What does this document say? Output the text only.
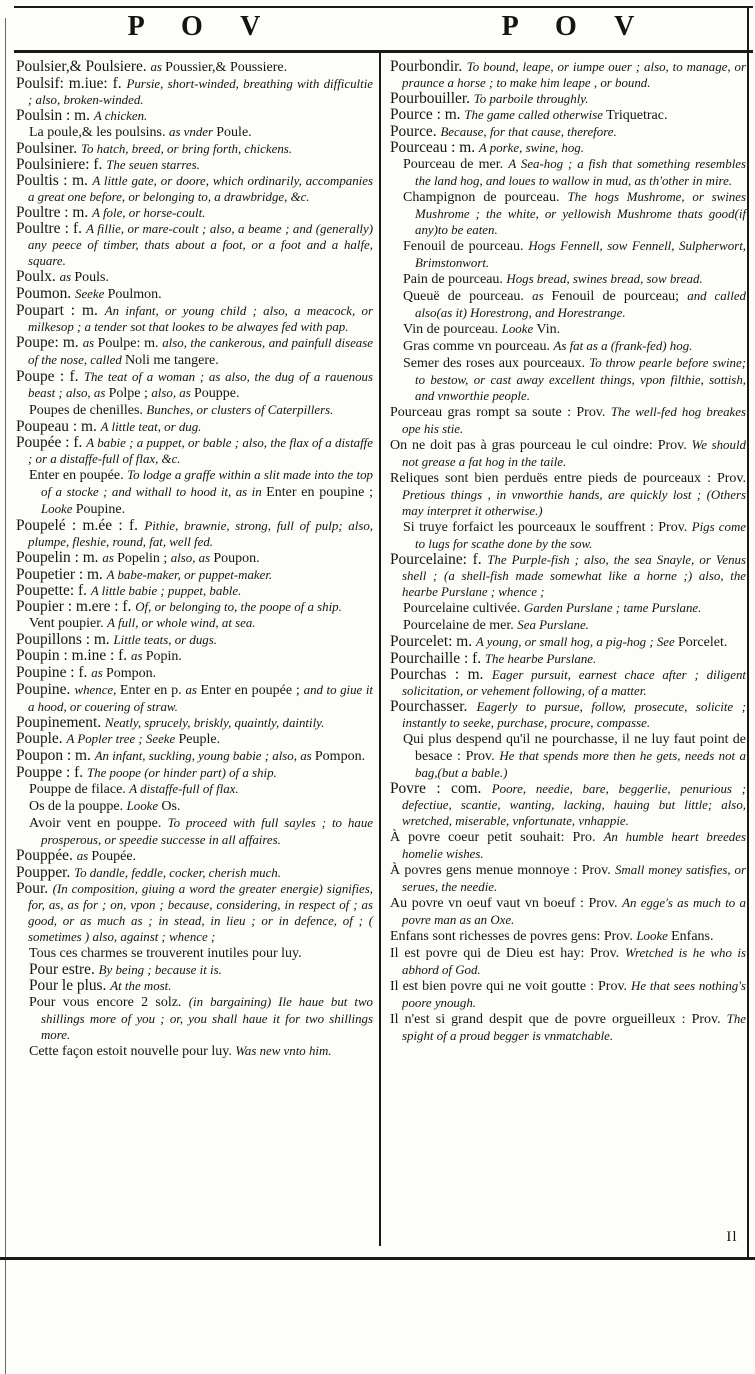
P O V	P O V

Poulsier,& Poulsiere. as Poussier,& Poussiere.

Poulsif: m.iue: f. Pursie, short-winded, breathing with difficultie ; also, broken-winded.

Poulsin : m. A chicken.

La poule,& les poulsins. as vnder Poule.

Poulsiner. To hatch, breed, or bring forth, chickens.

Poulsiniere: f. The seuen starres.

Poultis : m. A little gate, or doore, which ordinarily, accompanies a great one before, or belonging to, a drawbridge, &c.

Poultre : m. A fole, or horse-coult.

Poultre : f. A fillie, or mare-coult ; also, a beame ; and (generally) any peece of timber, thats about a foot, or a foot and a halfe, square.

Poulx. as Pouls.

Poumon. Seeke Poulmon.

Poupart : m. An infant, or young child ; also, a meacock, or milkesop ; a tender sot that lookes to be alwayes fed with pap.

Poupe: m. as Poulpe: m. also, the cankerous, and painfull disease of the nose, called Noli me tangere.

Poupe : f. The teat of a woman ; as also, the dug of a rauenous beast ; also, as Polpe ; also, as Pouppe.

Poupes de chenilles. Bunches, or clusters of Caterpillers.

Poupeau : m. A little teat, or dug.

Poupée : f. A babie ; a puppet, or bable ; also, the flax of a distaffe ; or a distaffe-full of flax, &c.

Enter en poupée. To lodge a graffe within a slit made into the top of a stocke ; and withall to hood it, as in Enter en poupine ; Looke Poupine.

Poupelé : m.ée : f. Pithie, brawnie, strong, full of pulp; also, plumpe, fleshie, round, fat, well fed.

Poupelin : m. as Popelin ; also, as Poupon.

Poupetier : m. A babe-maker, or puppet-maker.

Poupette: f. A little babie ; puppet, bable.

Poupier : m.ere : f. Of, or belonging to, the poope of a ship.

Vent poupier. A full, or whole wind, at sea.

Poupillons : m. Little teats, or dugs.

Poupin : m.ine : f. as Popin.

Poupine : f. as Pompon.

Poupine. whence, Enter en p. as Enter en poupée ; and to giue it a hood, or couering of straw.

Poupinement. Neatly, sprucely, briskly, quaintly, daintily.

Pouple. A Popler tree ; Seeke Peuple.

Poupon : m. An infant, suckling, young babie ; also, as Pompon.

Pouppe : f. The poope (or hinder part) of a ship.

Pouppe de filace. A distaffe-full of flax.

Os de la pouppe. Looke Os.

Avoir vent en pouppe. To proceed with full sayles ; to haue prosperous, or speedie successe in all affaires.

Pouppée. as Poupée.

Poupper. To dandle, feddle, cocker, cherish much.

Pour. (In composition, giuing a word the greater energie) signifies, for, as, as for ; on, vpon ; because, considering, in respect of ; as good, or as much as ; in stead, in lieu ; or in defence, of ; ( sometimes ) also, against ; whence ;

Tous ces charmes se trouverent inutiles pour luy.

Pour estre. By being ; because it is.

Pour le plus. At the most.

Pour vous encore 2 solz. (in bargaining) Ile haue but two shillings more of you ; or, you shall haue it for two shillings more.

Cette façon estoit nouvelle pour luy. Was new vnto him.

Pourbondir. To bound, leape, or iumpe ouer ; also, to manage, or praunce a horse ; to make him leape , or bound.

Pourbouiller. To parboile throughly.

Pource : m. The game called otherwise Triquetrac.

Pource. Because, for that cause, therefore.

Pourceau : m. A porke, swine, hog.

Pourceau de mer. A Sea-hog ; a fish that something resembles the land hog, and loues to wallow in mud, as th'other in mire.

Champignon de pourceau. The hogs Mushrome, or swines Mushrome ; the white, or yellowish Mushrome thats good(if any)to be eaten.

Fenouil de pourceau. Hogs Fennell, sow Fennell, Sulpherwort, Brimstonwort.

Pain de pourceau. Hogs bread, swines bread, sow bread.

Queuë de pourceau. as Fenouil de pourceau; and called also(as it) Horestrong, and Horestrange.

Vin de pourceau. Looke Vin.

Gras comme vn pourceau. As fat as a (frank-fed) hog.

Semer des roses aux pourceaux. To throw pearle before swine; to bestow, or cast away excellent things, vpon filthie, sottish, and vnworthie people.

Pourceau gras rompt sa soute : Prov. The well-fed hog breakes ope his stie.

On ne doit pas à gras pourceau le cul oindre: Prov. We should not grease a fat hog in the taile.

Reliques sont bien perduës entre pieds de pourceaux : Prov. Pretious things , in vnworthie hands, are quickly lost ; (Others may interpret it otherwise.)

Si truye forfaict les pourceaux le souffrent : Prov. Pigs come to lugs for scathe done by the sow.

Pourcelaine: f. The Purple-fish ; also, the sea Snayle, or Venus shell ; (a shell-fish made somewhat like a horne ;) also, the hearbe Purslane ; whence ;

Pourcelaine cultivée. Garden Purslane ; tame Purslane.

Pourcelaine de mer. Sea Purslane.

Pourcelet: m. A young, or small hog, a pig-hog ; See Porcelet.

Pourchaille : f. The hearbe Purslane.

Pourchas : m. Eager pursuit, earnest chace after ; diligent solicitation, or vehement following, of a matter.

Pourchasser. Eagerly to pursue, follow, prosecute, solicite ; instantly to seeke, purchase, procure, compasse.

Qui plus despend qu'il ne pourchasse, il ne luy faut point de besace : Prov. He that spends more then he gets, needs not a bag,(but a bable.)

Povre : com. Poore, needie, bare, beggerlie, penurious ; defectiue, scantie, wanting, lacking, hauing but little; also, wretched, miserable, vnfortunate, vnhappie.

À povre coeur petit souhait: Pro. An humble heart breedes homelie wishes.

À povres gens menue monnoye : Prov. Small money satisfies, or serues, the needie.

Au povre vn oeuf vaut vn boeuf : Prov. An egge's as much to a povre man as an Oxe.

Enfans sont richesses de povres gens: Prov. Looke Enfans.

Il est povre qui de Dieu est hay: Prov. Wretched is he who is abhord of God.

Il est bien povre qui ne voit goutte : Prov. He that sees nothing's poore ynough.

Il n'est si grand despit que de povre orgueilleux : Prov. The spight of a proud begger is vnmatchable.

Il
